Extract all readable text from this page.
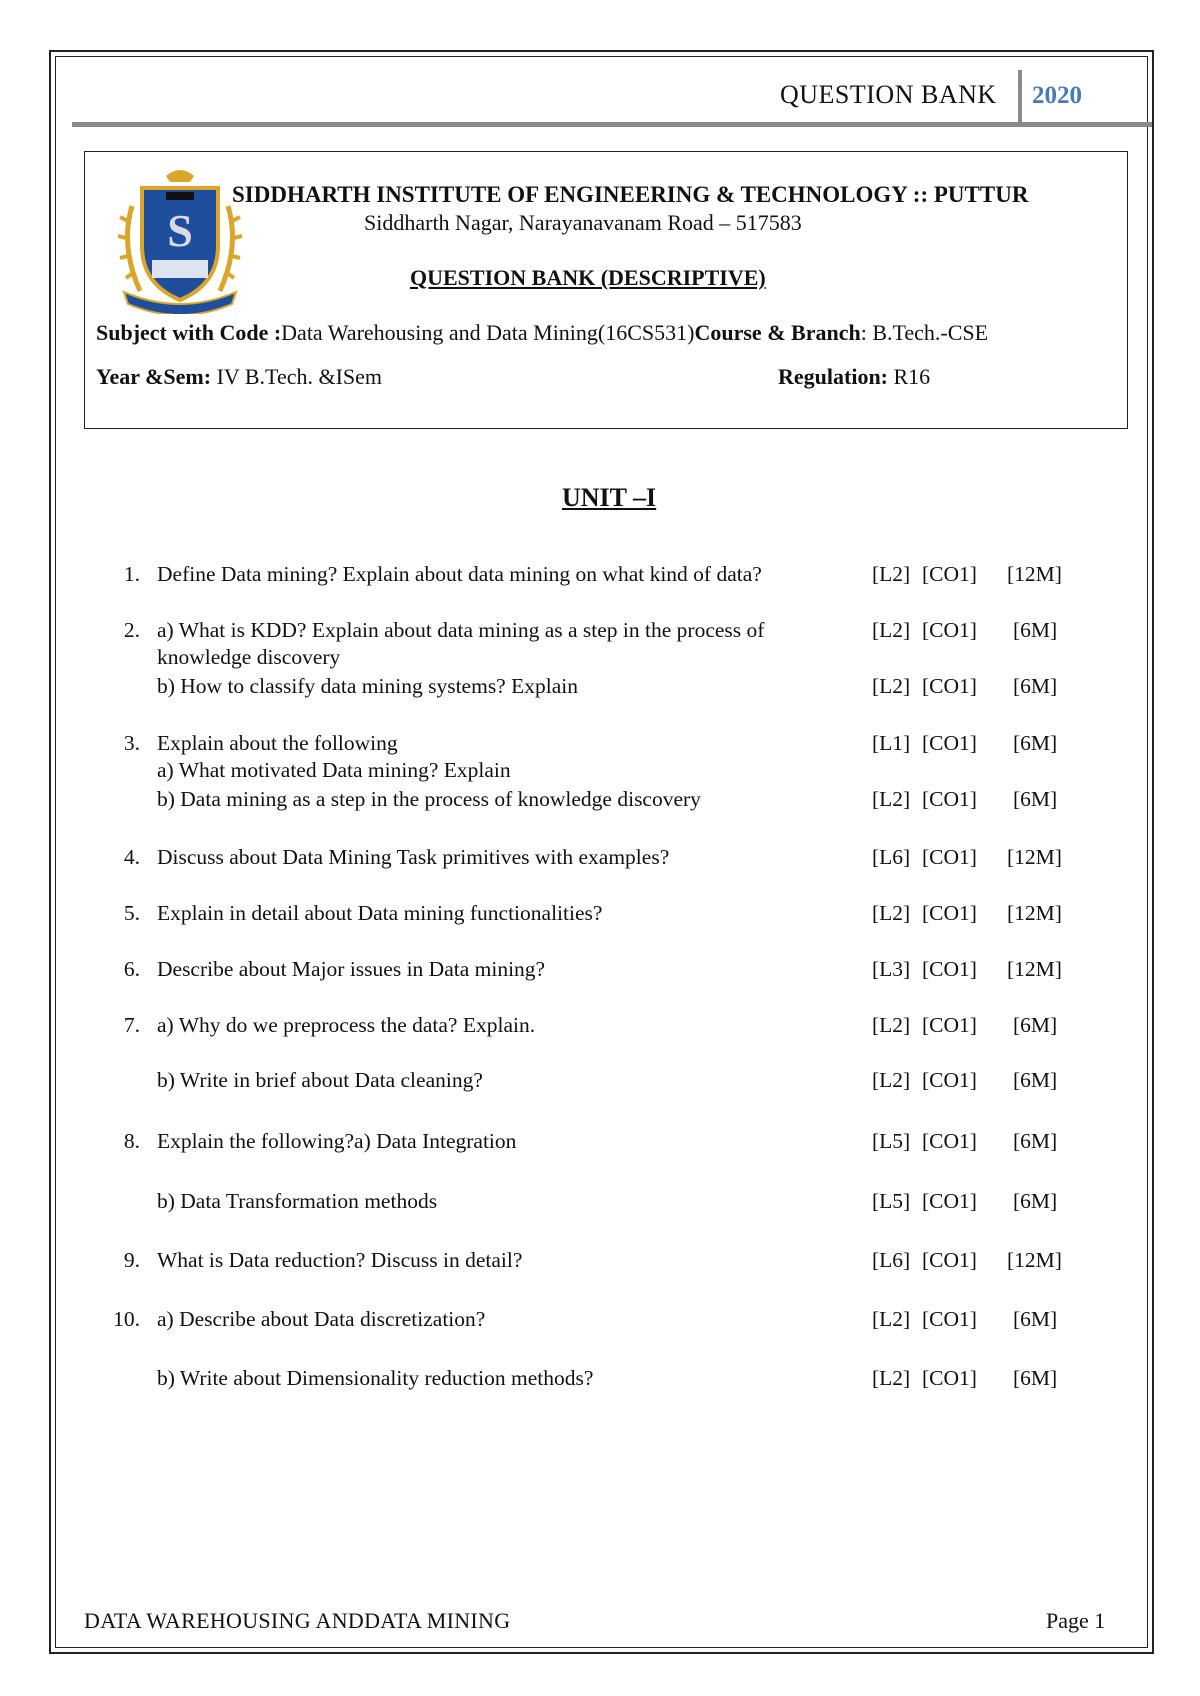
QUESTION BANK 2020
S
SIDDHARTH INSTITUTE OF ENGINEERING & TECHNOLOGY :: PUTTUR
Siddharth Nagar, Narayanavanam Road – 517583
QUESTION BANK (DESCRIPTIVE)
Subject with Code :Data Warehousing and Data Mining(16CS531)Course & Branch: B.Tech.-CSE
Year &Sem: IV B.Tech. &ISem	Regulation: R16
UNIT –I
1. Define Data mining? Explain about data mining on what kind of data?	[L2] [CO1] [12M]
2. a) What is KDD? Explain about data mining as a step in the process of	[L2] [CO1] [6M]
knowledge discovery
b) How to classify data mining systems? Explain	[L2] [CO1] [6M]
3. Explain about the following	[L1] [CO1] [6M]
a) What motivated Data mining? Explain
b) Data mining as a step in the process of knowledge discovery	[L2] [CO1] [6M]
4. Discuss about Data Mining Task primitives with examples?	[L6] [CO1] [12M]
5. Explain in detail about Data mining functionalities?	[L2] [CO1] [12M]
6. Describe about Major issues in Data mining?	[L3] [CO1] [12M]
7. a) Why do we preprocess the data? Explain.	[L2] [CO1] [6M]
b) Write in brief about Data cleaning?	[L2] [CO1] [6M]
8. Explain the following?a) Data Integration	[L5] [CO1] [6M]
b) Data Transformation methods	[L5] [CO1] [6M]
9. What is Data reduction? Discuss in detail?	[L6] [CO1] [12M]
10. a) Describe about Data discretization?	[L2] [CO1] [6M]
b) Write about Dimensionality reduction methods?	[L2] [CO1] [6M]
DATA WAREHOUSING ANDDATA MINING	Page 1
